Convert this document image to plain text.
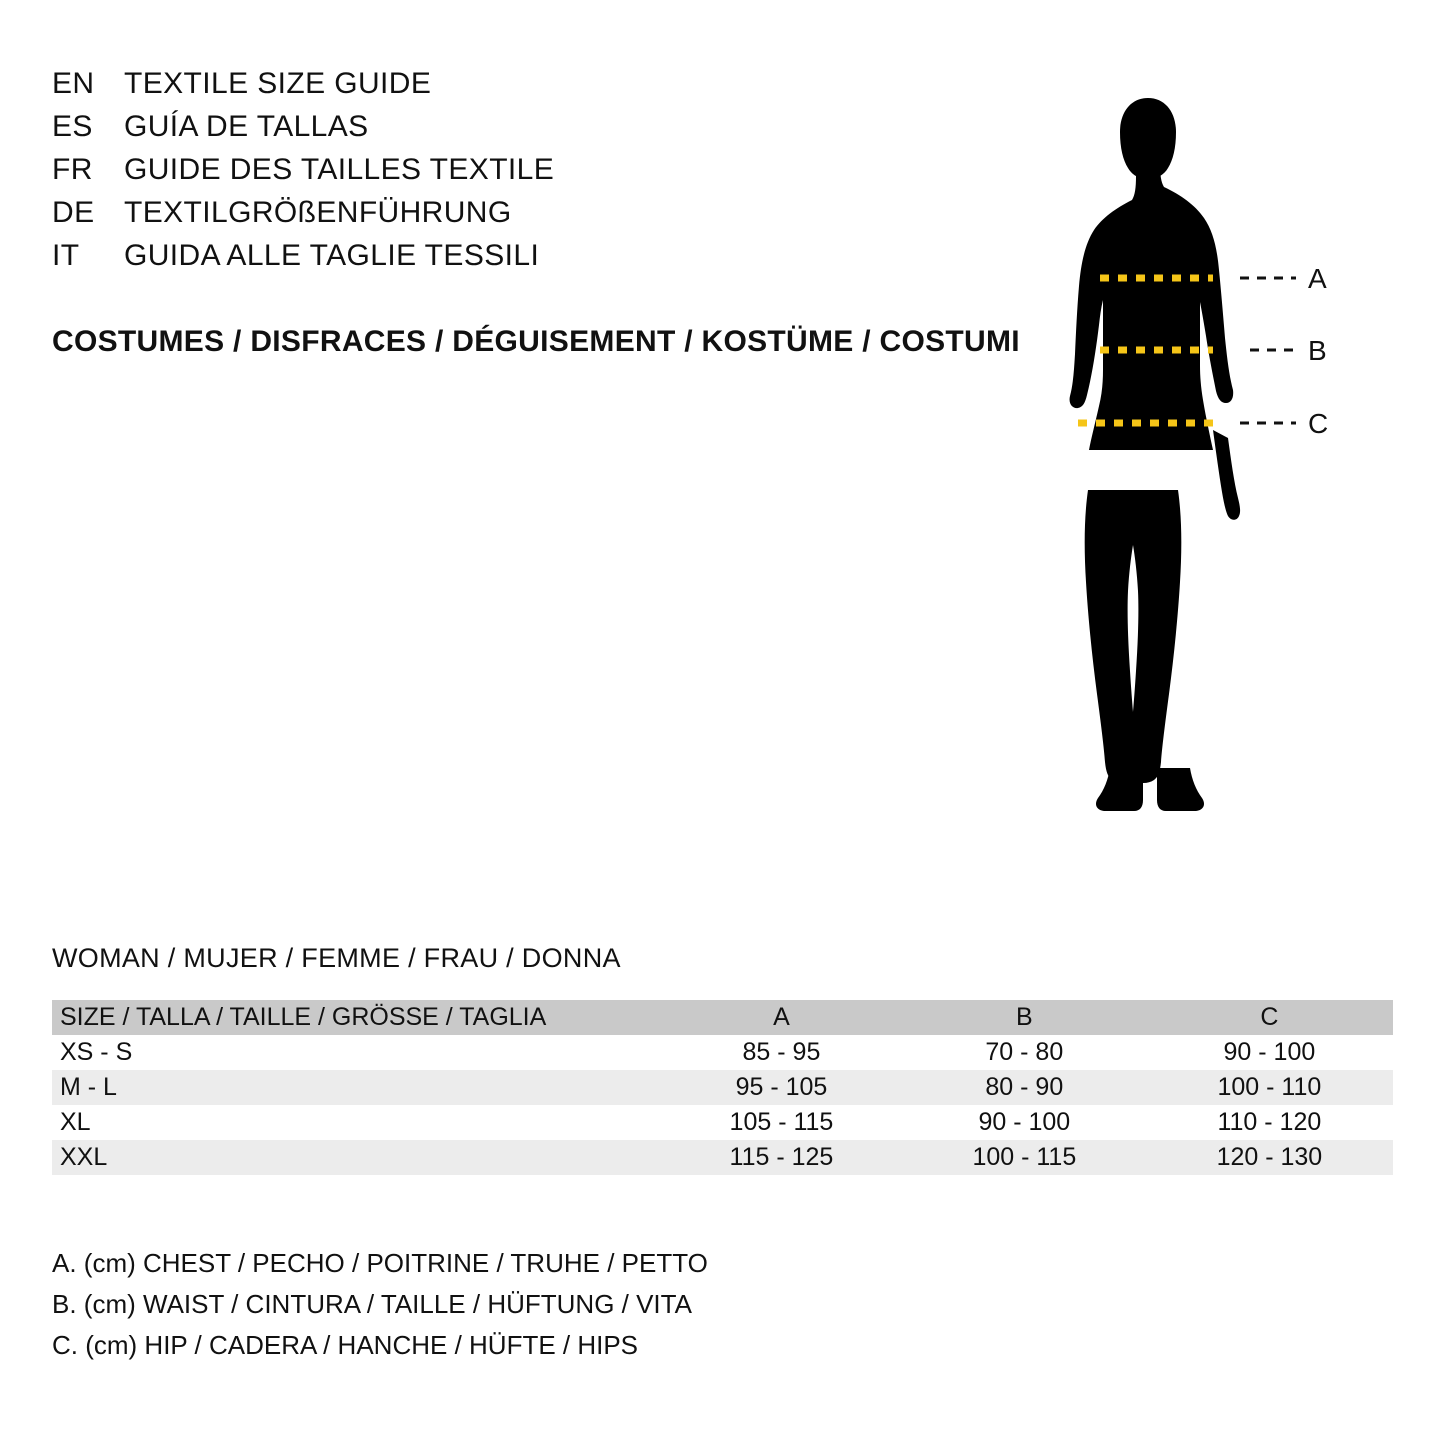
EN TEXTILE SIZE GUIDE
ES	GUÍA DE TALLAS
FR	GUIDE DES TAILLES TEXTILE
DE TEXTILGRÖßENFÜHRUNG
IT	GUIDA ALLE TAGLIE TESSILI
COSTUMES / DISFRACES / DÉGUISEMENT / KOSTÜME / COSTUMI
A
B
C
WOMAN / MUJER / FEMME / FRAU / DONNA
SIZE / TALLA / TAILLE / GRÖSSE / TAGLIA	A	B	C
XS - S	85 - 95	70 - 80	90 - 100
M - L	95 - 105	80 - 90	100 - 110
XL	105 - 115	90 - 100	110 - 120
XXL	115 - 125	100 - 115	120 - 130
A. (cm) CHEST / PECHO / POITRINE / TRUHE / PETTO
B. (cm) WAIST / CINTURA / TAILLE / HÜFTUNG / VITA
C. (cm) HIP / CADERA / HANCHE / HÜFTE / HIPS
